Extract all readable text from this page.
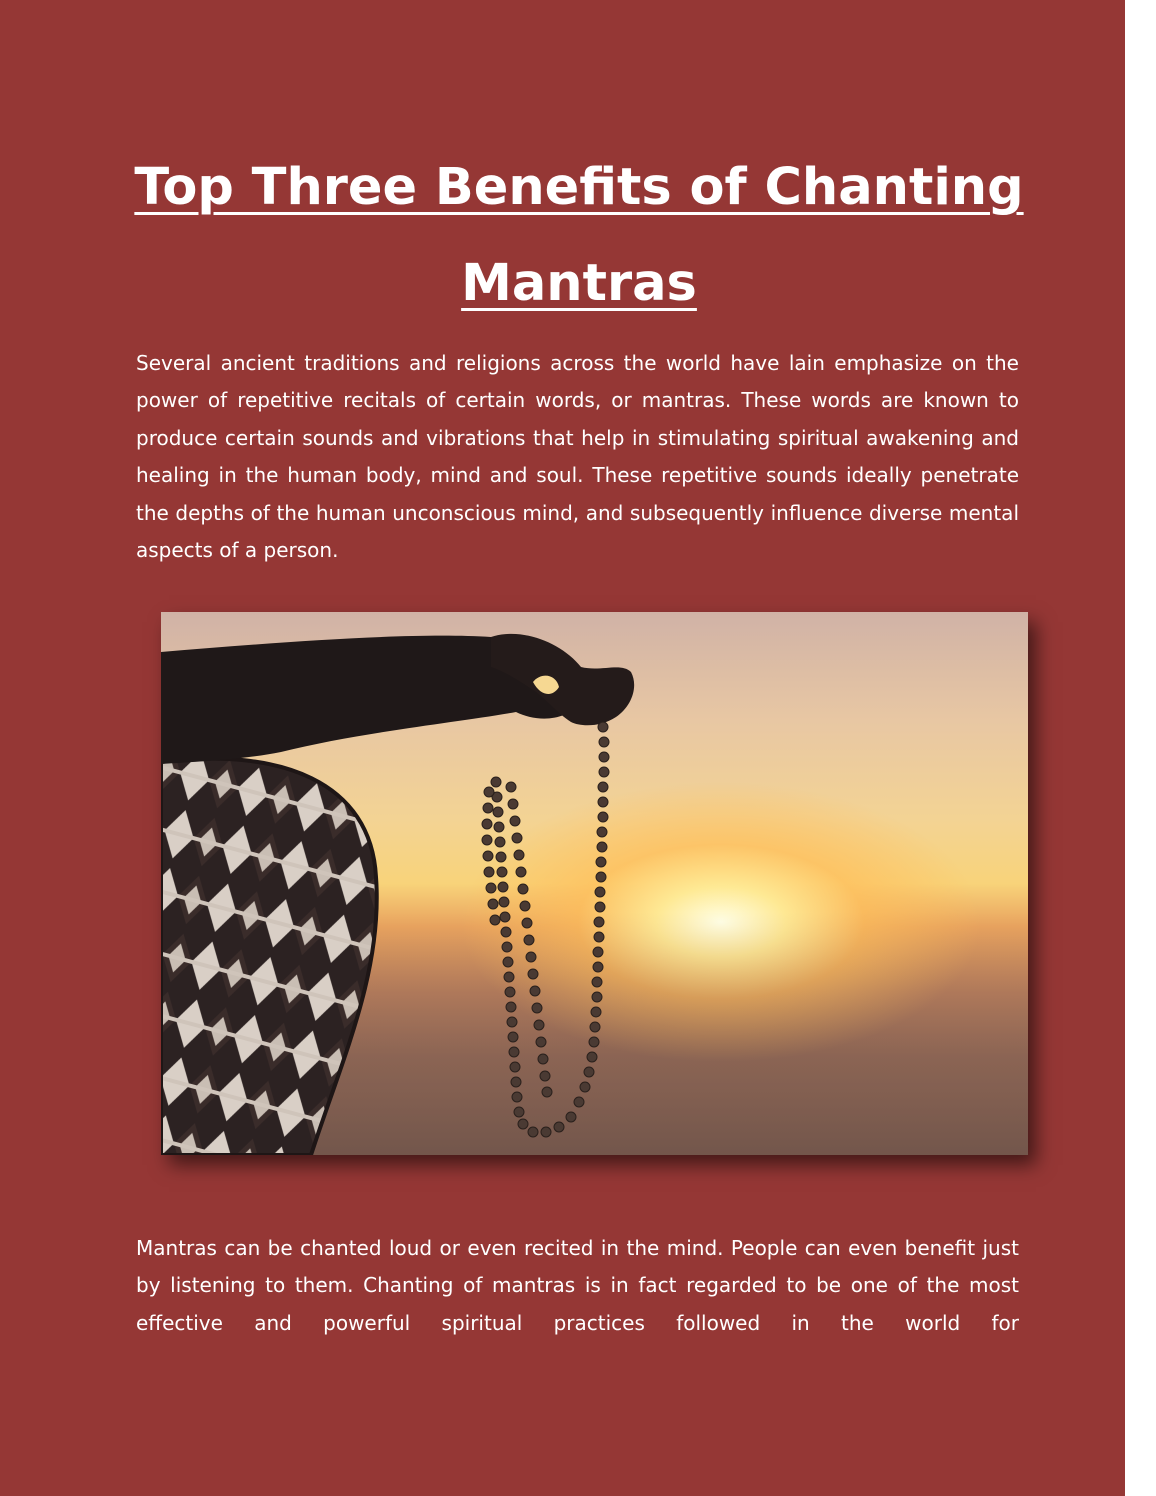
Top Three Benefits of Chanting Mantras

Several ancient traditions and religions across the world have lain emphasize on the power of repetitive recitals of certain words, or mantras. These words are known to produce certain sounds and vibrations that help in stimulating spiritual awakening and healing in the human body, mind and soul. These repetitive sounds ideally penetrate the depths of the human unconscious mind, and subsequently influence diverse mental aspects of a person.

Mantras can be chanted loud or even recited in the mind. People can even benefit just by listening to them. Chanting of mantras is in fact regarded to be one of the most effective and powerful spiritual practices followed in the world for
